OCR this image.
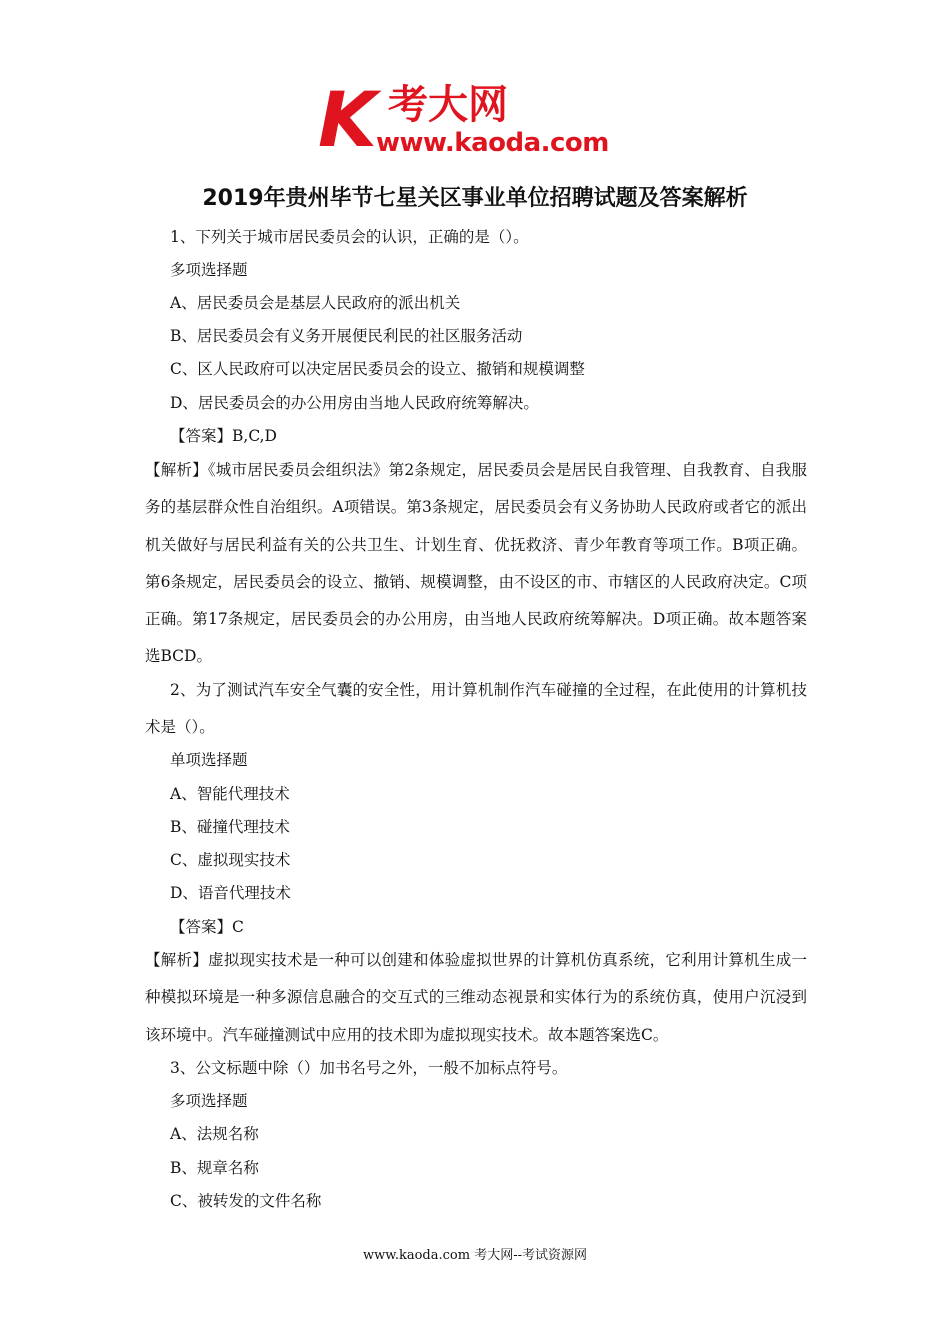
K 考大网
www.kaoda.com
2019年贵州毕节七星关区事业单位招聘试题及答案解析
1、下列关于城市居民委员会的认识，正确的是（）。
多项选择题
A、居民委员会是基层人民政府的派出机关
B、居民委员会有义务开展便民利民的社区服务活动
C、区人民政府可以决定居民委员会的设立、撤销和规模调整
D、居民委员会的办公用房由当地人民政府统筹解决。
【答案】B,C,D
【解析】《城市居民委员会组织法》第2条规定，居民委员会是居民自我管理、自我教育、自我服务的基层群众性自治组织。A项错误。第3条规定，居民委员会有义务协助人民政府或者它的派出机关做好与居民利益有关的公共卫生、计划生育、优抚救济、青少年教育等项工作。B项正确。第6条规定，居民委员会的设立、撤销、规模调整，由不设区的市、市辖区的人民政府决定。C项正确。第17条规定，居民委员会的办公用房，由当地人民政府统筹解决。D项正确。故本题答案选BCD。
2、为了测试汽车安全气囊的安全性，用计算机制作汽车碰撞的全过程，在此使用的计算机技术是（）。
单项选择题
A、智能代理技术
B、碰撞代理技术
C、虚拟现实技术
D、语音代理技术
【答案】C
【解析】虚拟现实技术是一种可以创建和体验虚拟世界的计算机仿真系统，它利用计算机生成一种模拟环境是一种多源信息融合的交互式的三维动态视景和实体行为的系统仿真，使用户沉浸到该环境中。汽车碰撞测试中应用的技术即为虚拟现实技术。故本题答案选C。
3、公文标题中除（）加书名号之外，一般不加标点符号。
多项选择题
A、法规名称
B、规章名称
C、被转发的文件名称
www.kaoda.com 考大网--考试资源网
